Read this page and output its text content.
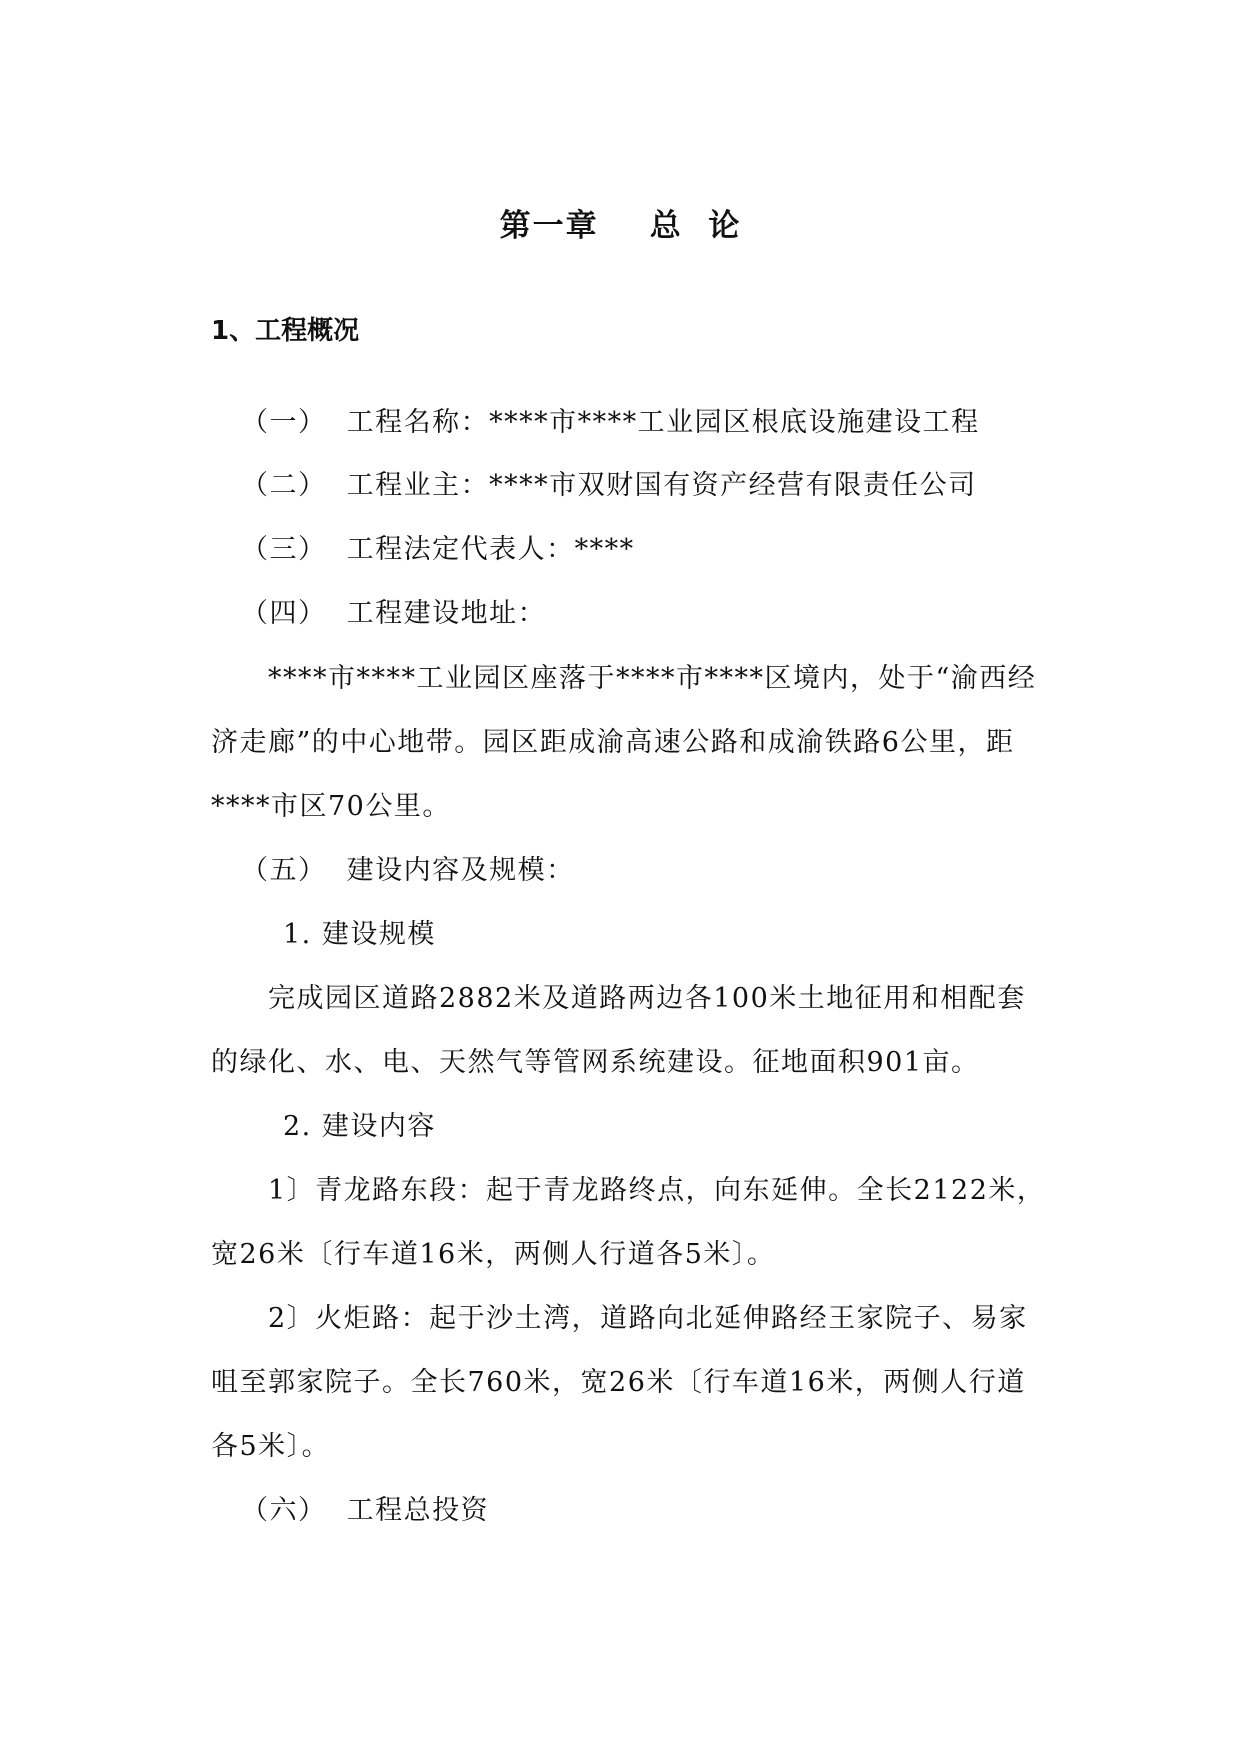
第一章    总  论
1、工程概况
（一）  工程名称：****市****工业园区根底设施建设工程
（二）  工程业主：****市双财国有资产经营有限责任公司
（三）  工程法定代表人：****
（四）  工程建设地址：
****市****工业园区座落于****市****区境内，处于“渝西经
济走廊”的中心地带。园区距成渝高速公路和成渝铁路6公里，距
****市区70公里。
（五）  建设内容及规模：
1. 建设规模
完成园区道路2882米及道路两边各100米土地征用和相配套
的绿化、水、电、天然气等管网系统建设。征地面积901亩。
2. 建设内容
1〕青龙路东段：起于青龙路终点，向东延伸。全长2122米，
宽26米〔行车道16米，两侧人行道各5米〕。
2〕火炬路：起于沙土湾，道路向北延伸路经王家院子、易家
咀至郭家院子。全长760米，宽26米〔行车道16米，两侧人行道
各5米〕。
（六）  工程总投资
